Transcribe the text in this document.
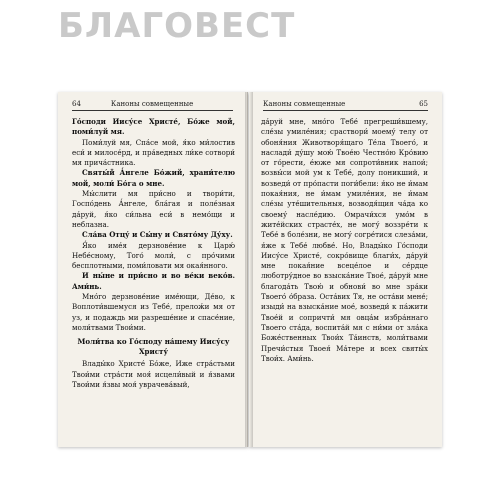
БЛАГОВЕСТ
64	Каноны совмещенные

Го́споди Иису́се Христе́, Бо́же мой, поми́луй мя.

Поми́луй мя, Спа́се мой, я́ко ми́лостив еси́ и милосе́рд, и пра́ведных ли́ке сотвори́ мя прича́стника.

Святы́й А́нгеле Бо́жий, храни́телю мой, моли́ Бо́га о мне.

Мы́слити мя при́сно и твори́ти, Госпо́день А́нгеле, бла́гая и поле́зная да́руй, я́ко си́льна еси́ в немо́щи и неблазна.

Сла́ва Отцу́ и Сы́ну и Свято́му Ду́ху.

Я́ко име́я дерзнове́ние к Царю́ Небе́сному, Того́ моли́, с про́чими бесплотными, поми́ловати мя окая́нного.

И ны́не и при́сно и во ве́ки веко́в. Ами́нь.

Мно́го дерзнове́ние име́ющи, Де́во, к Воплоти́вшемуся из Тебе́, прелож́и мя от уз, и подаждь ми разреше́ние и спасе́ние, моли́твами Твои́ми.

Моли́тва ко Го́споду на́шему Иису́су Христу́

Влады́ко Христе́ Бо́же, Иже стра́стьми Твои́ми стра́сти моя́ исцели́вый и я́звами Твои́ми я́звы моя́ уврачева́вый,

Каноны совмещенные	65

да́руй мне, мно́го Тебе́ прегреши́вшему, сле́зы умиле́ния; сраствори́ моему́ телу от обоня́ния Животворя́щаго Те́ла Твоего́, и наслади́ ду́шу мою́ Твое́ю Честно́ю Кро́вию от го́рести, е́юже мя сопроти́вник напои́; возвы́си мой ум к Тебе́, долу поникший, и возведи́ от про́пасти поги́бели: я́ко не и́мам покая́ния, не и́мам умиле́ния, не и́мам сле́зы уте́шительныя, возводя́щия ча́да ко своему́ насле́дию. Омрачи́хся умо́м в жите́йских страсте́х, не могу́ воззре́ти к Тебе́ в боле́зни, не могу́ согре́тися слеза́ми, я́же к Тебе́ любве́. Но, Влады́ко Го́споди Иису́се Христе́, сокро́вище благи́х, да́руй мне покая́ние всеце́лое и се́рдце люботру́дное во взыска́ние Твое́, да́руй мне благода́ть Твою́ и обнови́ во мне зра́ки Твоего́ о́браза. Оста́вих Тя, не оста́ви мене́; изыди́ на взыска́ние мое́, возведи́ к па́жити Твое́й и сопричти́ мя овца́м избра́ннаго Твоего ста́да, воспита́й мя с ни́ми от зла́ка Боже́ственных Твои́х Та́инств, моли́твами Пречи́стыя Твоея́ Ма́тере и всех святы́х Твои́х. Ами́нь.
